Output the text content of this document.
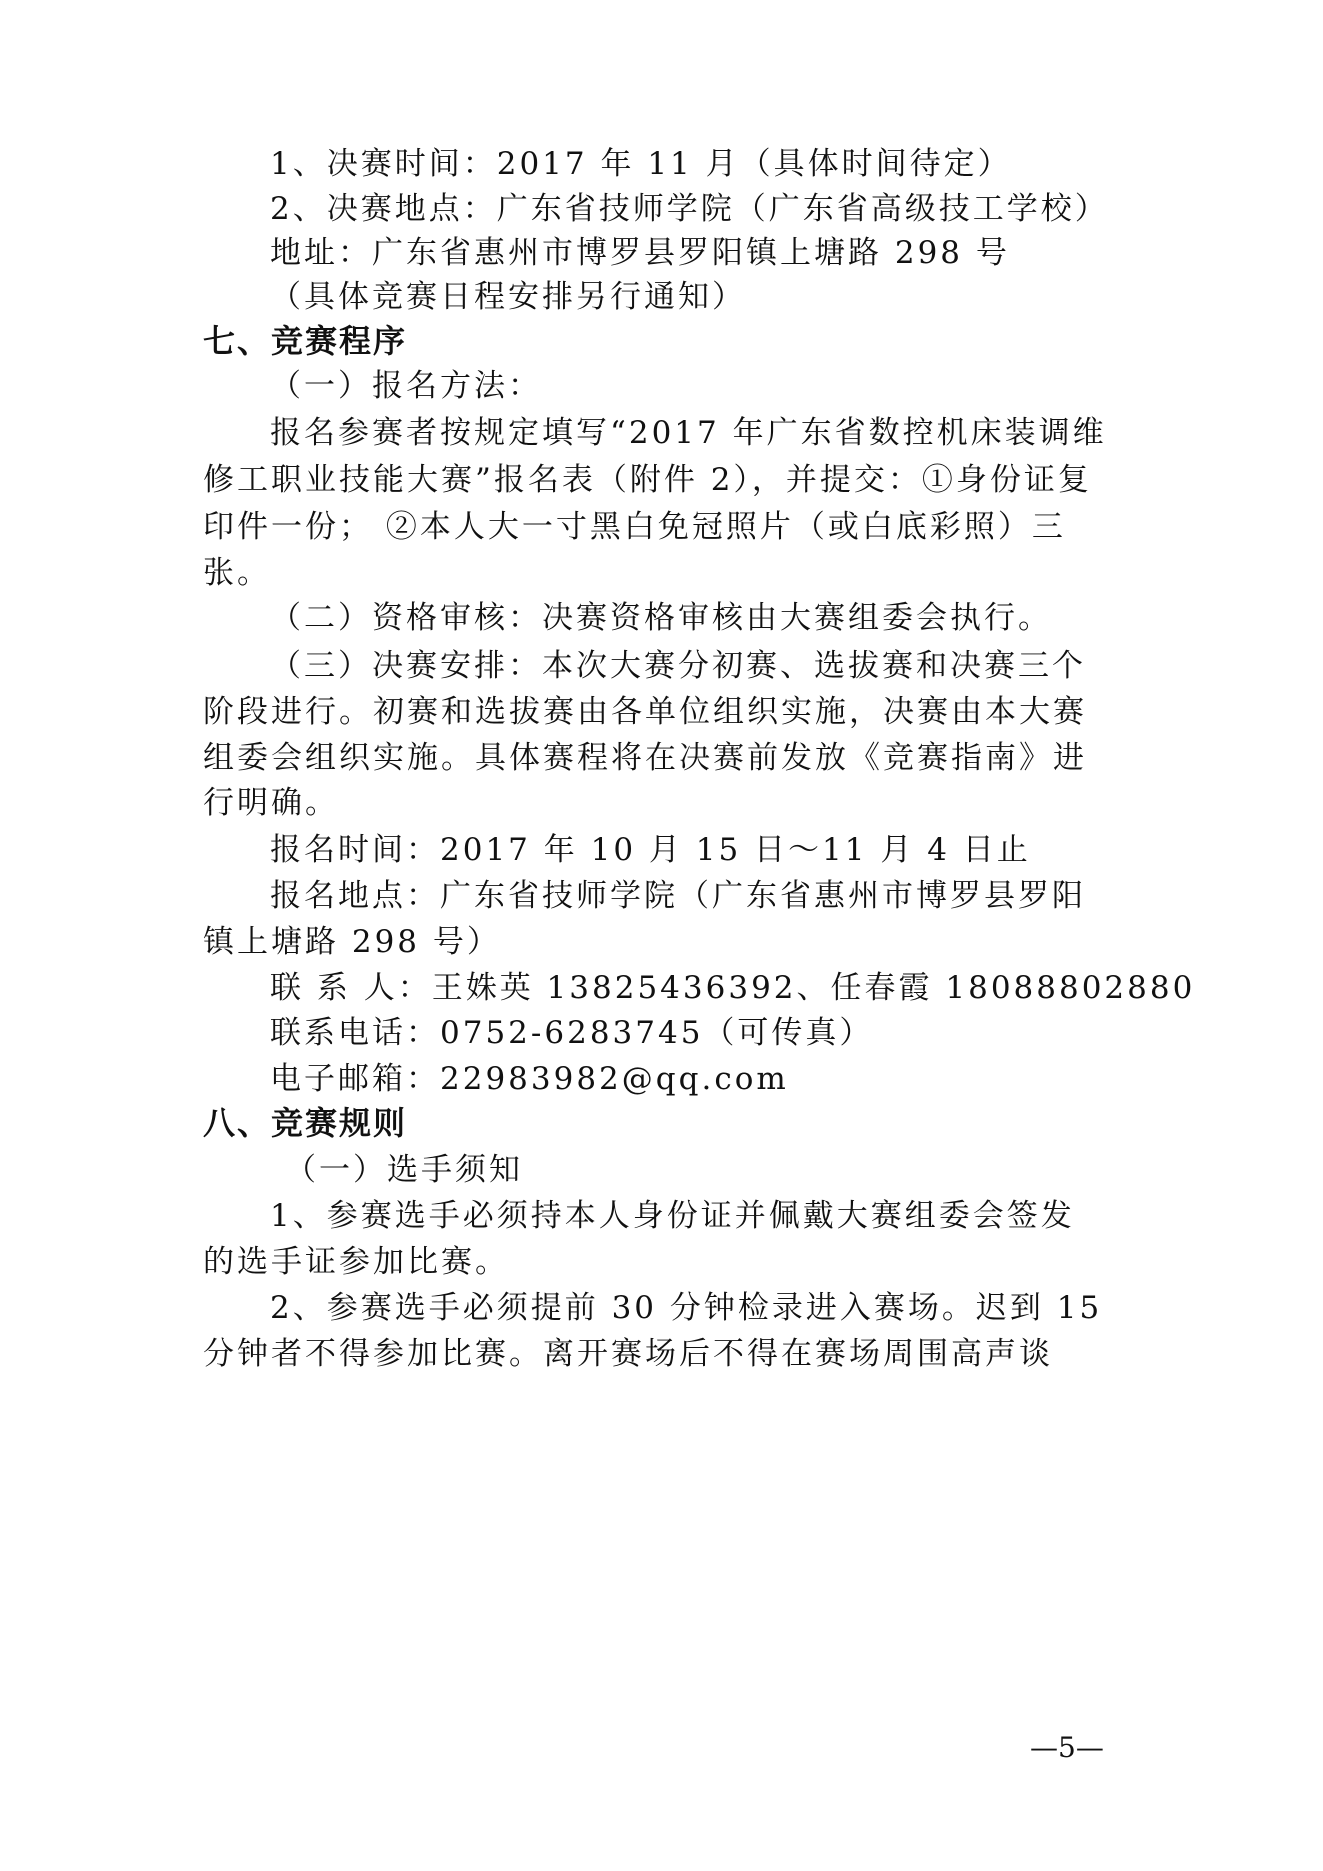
1、决赛时间：2017 年 11 月（具体时间待定）
2、决赛地点：广东省技师学院（广东省高级技工学校）
地址：广东省惠州市博罗县罗阳镇上塘路 298 号
（具体竞赛日程安排另行通知）
七、竞赛程序
（一）报名方法：
报名参赛者按规定填写“2017 年广东省数控机床装调维
修工职业技能大赛”报名表（附件 2），并提交：①身份证复
印件一份； ②本人大一寸黑白免冠照片（或白底彩照）三
张。
（二）资格审核：决赛资格审核由大赛组委会执行。
（三）决赛安排：本次大赛分初赛、选拔赛和决赛三个
阶段进行。初赛和选拔赛由各单位组织实施，决赛由本大赛
组委会组织实施。具体赛程将在决赛前发放《竞赛指南》进
行明确。
报名时间：2017 年 10 月 15 日～11 月 4 日止
报名地点：广东省技师学院（广东省惠州市博罗县罗阳
镇上塘路 298 号）
联 系 人：王姝英 13825436392、任春霞 18088802880
联系电话：0752-6283745（可传真）
电子邮箱：22983982@qq.com
八、竞赛规则
（一）选手须知
1、参赛选手必须持本人身份证并佩戴大赛组委会签发
的选手证参加比赛。
2、参赛选手必须提前 30 分钟检录进入赛场。迟到 15
分钟者不得参加比赛。离开赛场后不得在赛场周围高声谈
—5—
